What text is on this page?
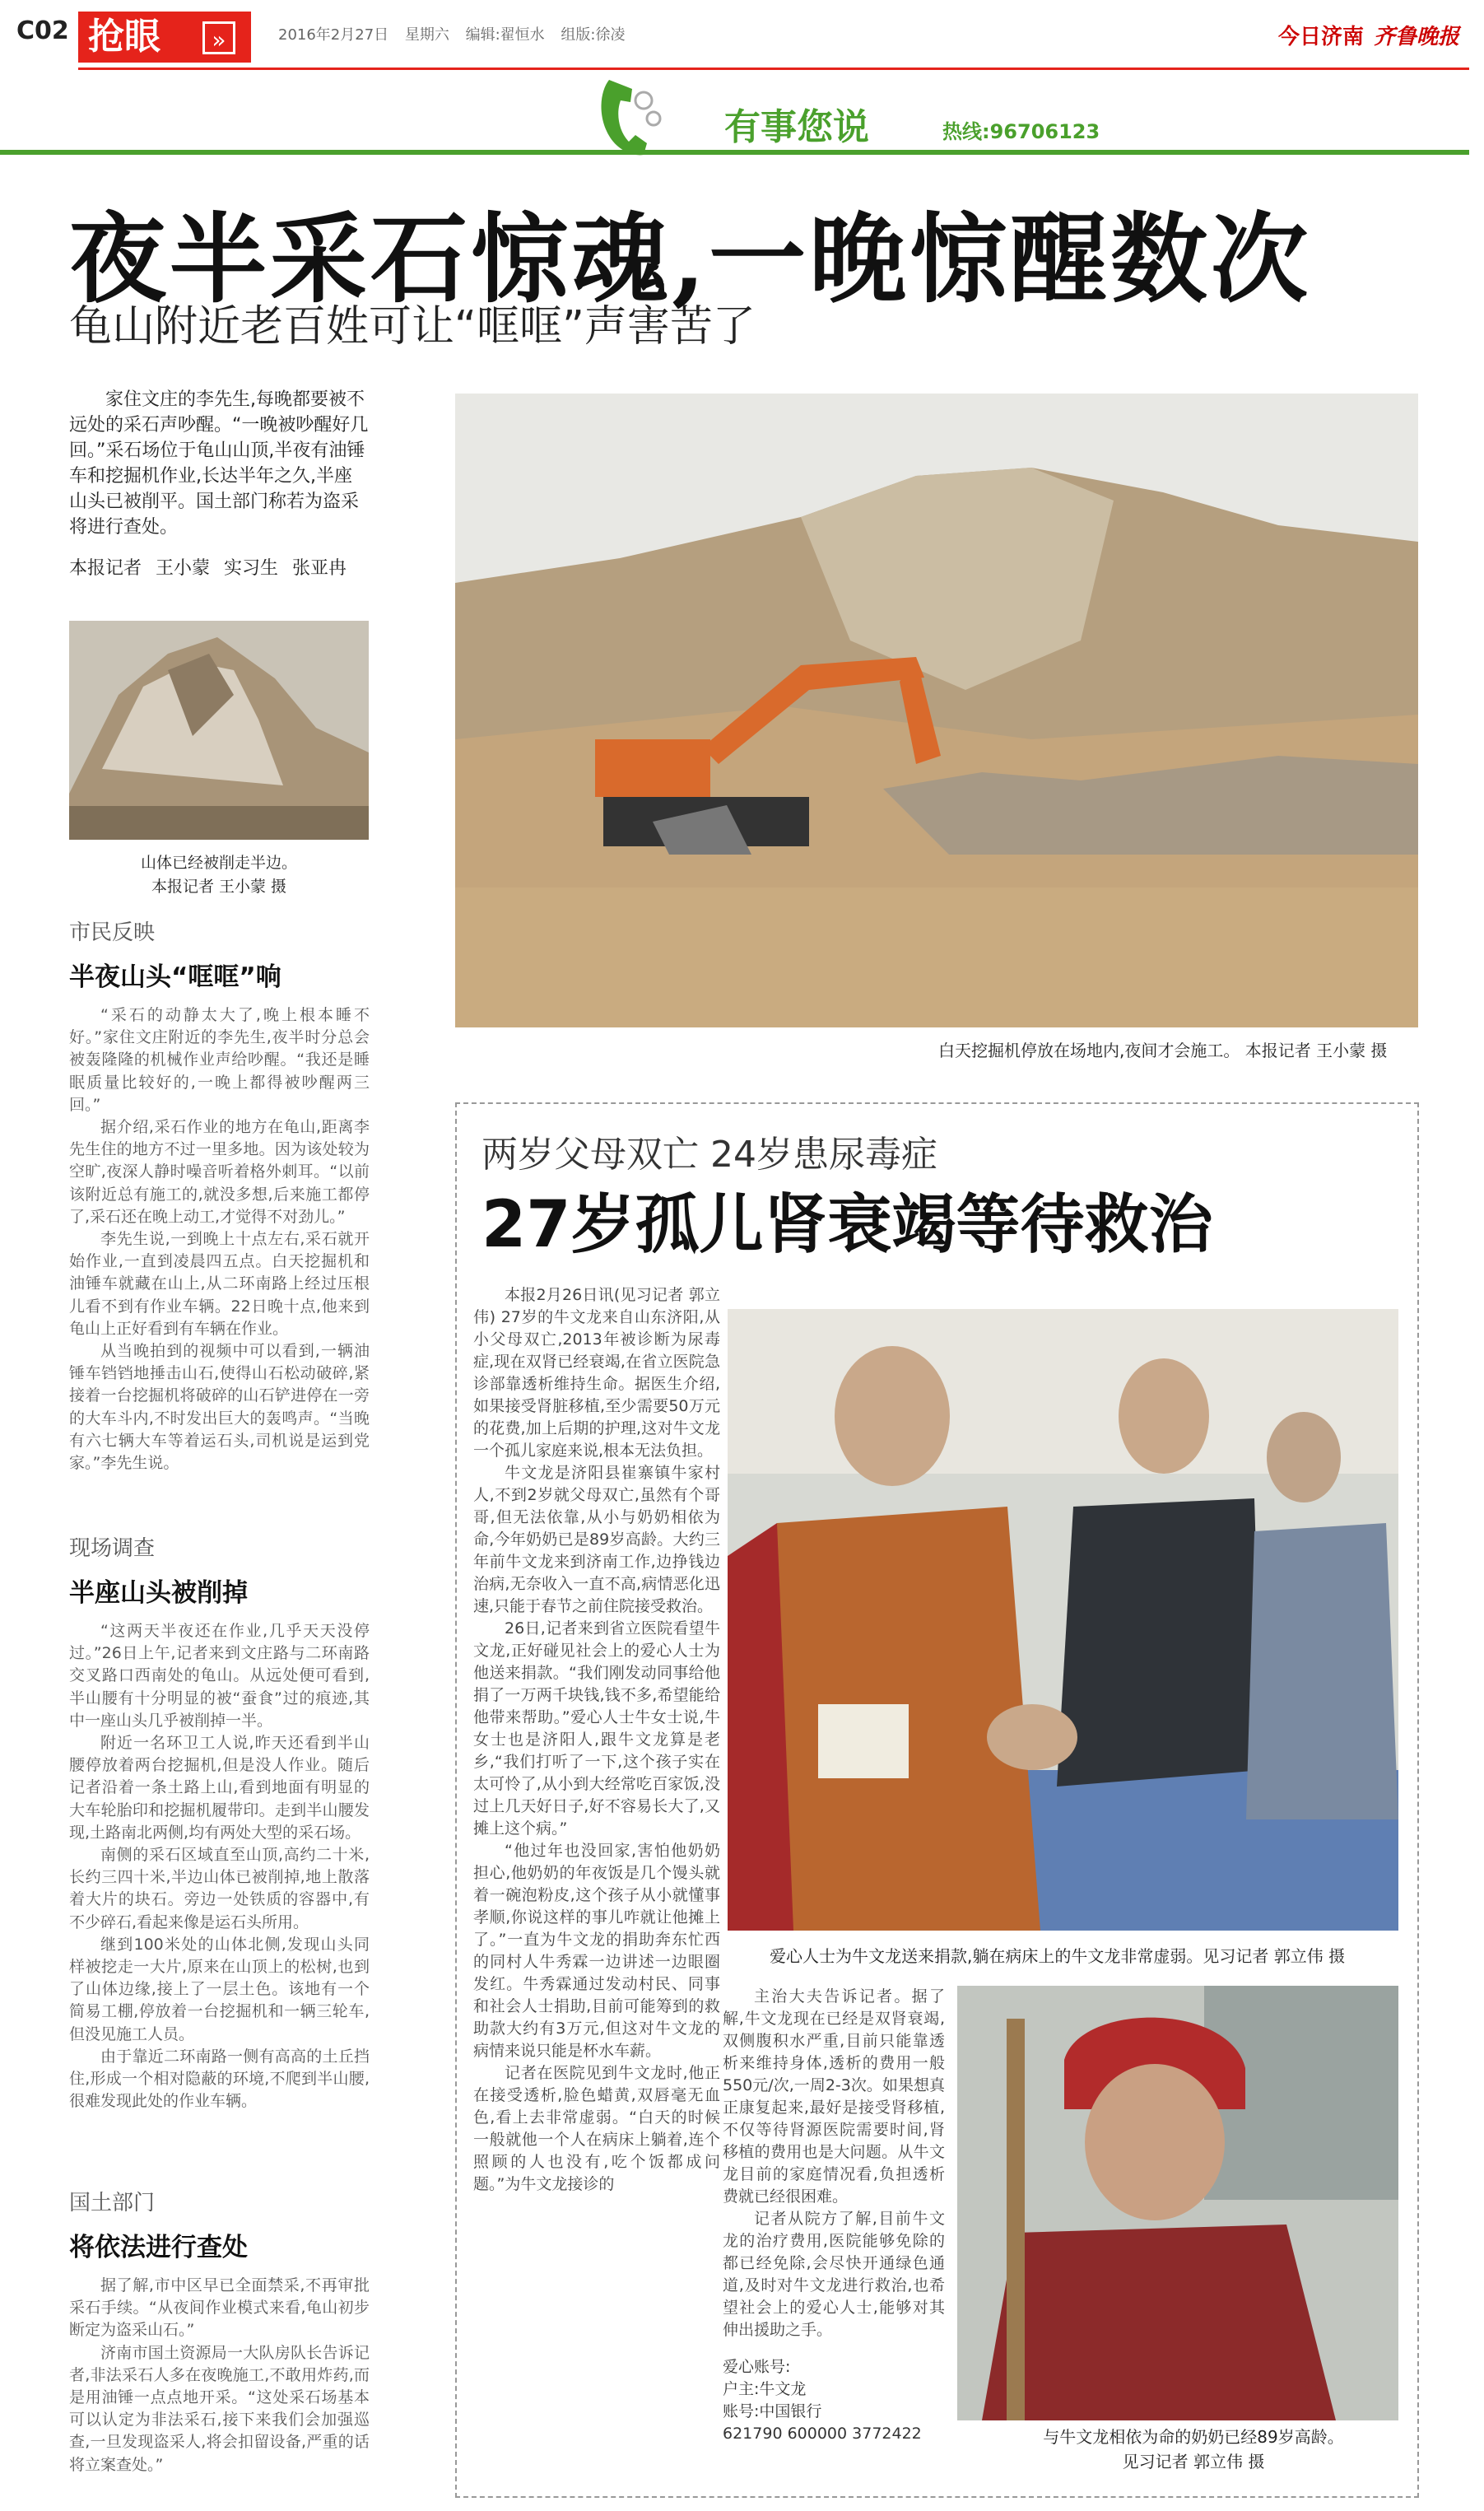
C02 抢眼	»	2016年2月27日 星期六 编辑:翟恒水 组版:徐凌	今日济南 齐鲁晚报
有事您说	热线:96706123
夜半采石惊魂,一晚惊醒数次
龟山附近老百姓可让“哐哐”声害苦了

家住文庄的李先生,每晚都要被不远处的采石声吵醒。“一晚被吵醒好几回。”采石场位于龟山山顶,半夜有油锤车和挖掘机作业,长达半年之久,半座山头已被削平。国土部门称若为盗采将进行查处。

本报记者 王小蒙 实习生 张亚冉
山体已经被削走半边。
本报记者 王小蒙 摄
市民反映
半夜山头“哐哐”响

“采石的动静太大了,晚上根本睡不好。”家住文庄附近的李先生,夜半时分总会被轰隆隆的机械作业声给吵醒。“我还是睡眠质量比较好的,一晚上都得被吵醒两三回。”

据介绍,采石作业的地方在龟山,距离李先生住的地方不过一里多地。因为该处较为空旷,夜深人静时噪音听着格外刺耳。“以前该附近总有施工的,就没多想,后来施工都停了,采石还在晚上动工,才觉得不对劲儿。”

李先生说,一到晚上十点左右,采石就开始作业,一直到凌晨四五点。白天挖掘机和油锤车就藏在山上,从二环南路上经过压根儿看不到有作业车辆。22日晚十点,他来到龟山上正好看到有车辆在作业。

从当晚拍到的视频中可以看到,一辆油锤车铛铛地捶击山石,使得山石松动破碎,紧接着一台挖掘机将破碎的山石铲进停在一旁的大车斗内,不时发出巨大的轰鸣声。“当晚有六七辆大车等着运石头,司机说是运到党家。”李先生说。

现场调查
半座山头被削掉

“这两天半夜还在作业,几乎天天没停过。”26日上午,记者来到文庄路与二环南路交叉路口西南处的龟山。从远处便可看到,半山腰有十分明显的被“蚕食”过的痕迹,其中一座山头几乎被削掉一半。

附近一名环卫工人说,昨天还看到半山腰停放着两台挖掘机,但是没人作业。随后记者沿着一条土路上山,看到地面有明显的大车轮胎印和挖掘机履带印。走到半山腰发现,土路南北两侧,均有两处大型的采石场。

南侧的采石区域直至山顶,高约二十米,长约三四十米,半边山体已被削掉,地上散落着大片的块石。旁边一处铁质的容器中,有不少碎石,看起来像是运石头所用。

继到100米处的山体北侧,发现山头同样被挖走一大片,原来在山顶上的松树,也到了山体边缘,接上了一层土色。该地有一个简易工棚,停放着一台挖掘机和一辆三轮车,但没见施工人员。

由于靠近二环南路一侧有高高的土丘挡住,形成一个相对隐蔽的环境,不爬到半山腰,很难发现此处的作业车辆。

国土部门
将依法进行查处

据了解,市中区早已全面禁采,不再审批采石手续。“从夜间作业模式来看,龟山初步断定为盗采山石。”

济南市国土资源局一大队房队长告诉记者,非法采石人多在夜晚施工,不敢用炸药,而是用油锤一点点地开采。“这处采石场基本可以认定为非法采石,接下来我们会加强巡查,一旦发现盗采人,将会扣留设备,严重的话将立案查处。”

白天挖掘机停放在场地内,夜间才会施工。 本报记者 王小蒙 摄
两岁父母双亡 24岁患尿毒症
27岁孤儿肾衰竭等待救治

本报2月26日讯(见习记者 郭立伟) 27岁的牛文龙来自山东济阳,从小父母双亡,2013年被诊断为尿毒症,现在双肾已经衰竭,在省立医院急诊部靠透析维持生命。据医生介绍,如果接受肾脏移植,至少需要50万元的花费,加上后期的护理,这对牛文龙一个孤儿家庭来说,根本无法负担。

牛文龙是济阳县崔寨镇牛家村人,不到2岁就父母双亡,虽然有个哥哥,但无法依靠,从小与奶奶相依为命,今年奶奶已是89岁高龄。大约三年前牛文龙来到济南工作,边挣钱边治病,无奈收入一直不高,病情恶化迅速,只能于春节之前住院接受救治。

26日,记者来到省立医院看望牛文龙,正好碰见社会上的爱心人士为他送来捐款。“我们刚发动同事给他捐了一万两千块钱,钱不多,希望能给他带来帮助。”爱心人士牛女士说,牛女士也是济阳人,跟牛文龙算是老乡,“我们打听了一下,这个孩子实在太可怜了,从小到大经常吃百家饭,没过上几天好日子,好不容易长大了,又摊上这个病。”

“他过年也没回家,害怕他奶奶担心,他奶奶的年夜饭是几个馒头就着一碗泡粉皮,这个孩子从小就懂事孝顺,你说这样的事儿咋就让他摊上了。”一直为牛文龙的捐助奔东忙西的同村人牛秀霖一边讲述一边眼圈发红。牛秀霖通过发动村民、同事和社会人士捐助,目前可能筹到的救助款大约有3万元,但这对牛文龙的病情来说只能是杯水车薪。

记者在医院见到牛文龙时,他正在接受透析,脸色蜡黄,双唇毫无血色,看上去非常虚弱。“白天的时候一般就他一个人在病床上躺着,连个照顾的人也没有,吃个饭都成问题。”为牛文龙接诊的

爱心人士为牛文龙送来捐款,躺在病床上的牛文龙非常虚弱。见习记者 郭立伟 摄

主治大夫告诉记者。据了解,牛文龙现在已经是双肾衰竭,双侧腹积水严重,目前只能靠透析来维持身体,透析的费用一般550元/次,一周2-3次。如果想真正康复起来,最好是接受肾移植,不仅等待肾源医院需要时间,肾移植的费用也是大问题。从牛文龙目前的家庭情况看,负担透析费就已经很困难。

记者从院方了解,目前牛文龙的治疗费用,医院能够免除的都已经免除,会尽快开通绿色通道,及时对牛文龙进行救治,也希望社会上的爱心人士,能够对其伸出援助之手。

爱心账号:
户主:牛文龙
账号:中国银行
621790 600000 3772422	与牛文龙相依为命的奶奶已经89岁高龄。
见习记者 郭立伟 摄
